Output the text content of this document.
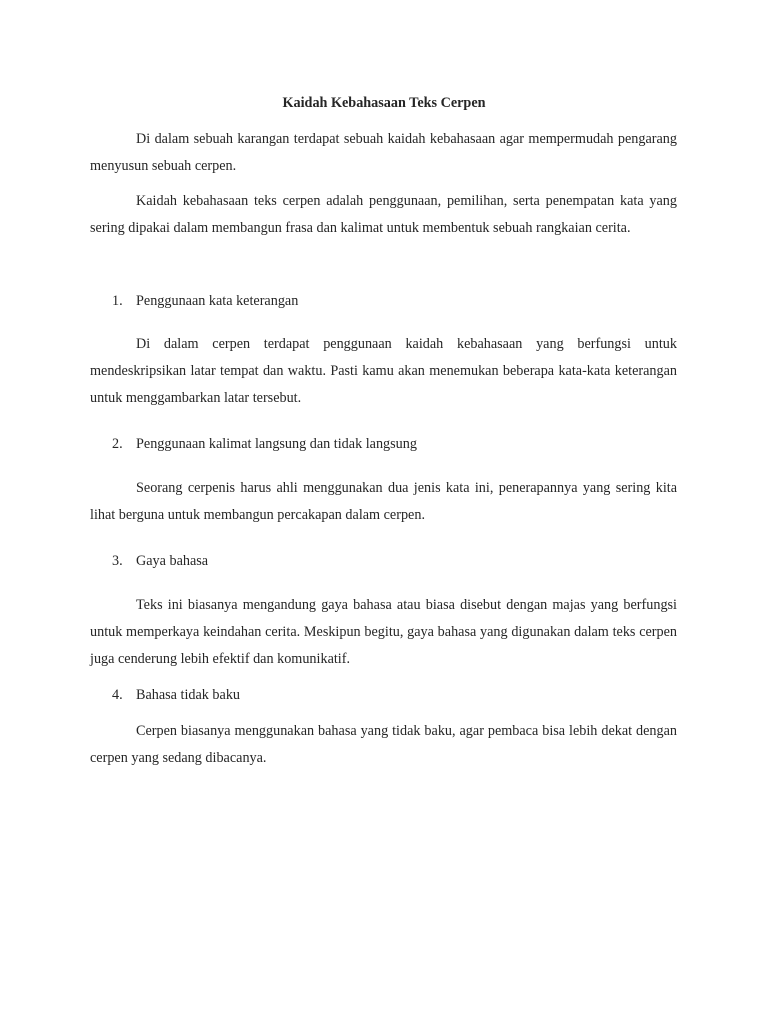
Kaidah Kebahasaan Teks Cerpen

Di dalam sebuah karangan terdapat sebuah kaidah kebahasaan agar mempermudah pengarang menyusun sebuah cerpen.

Kaidah kebahasaan teks cerpen adalah penggunaan, pemilihan, serta penempatan kata yang sering dipakai dalam membangun frasa dan kalimat untuk membentuk sebuah rangkaian cerita.

1. Penggunaan kata keterangan

Di dalam cerpen terdapat penggunaan kaidah kebahasaan yang berfungsi untuk mendeskripsikan latar tempat dan waktu. Pasti kamu akan menemukan beberapa kata-kata keterangan untuk menggambarkan latar tersebut.

2. Penggunaan kalimat langsung dan tidak langsung

Seorang cerpenis harus ahli menggunakan dua jenis kata ini, penerapannya yang sering kita lihat berguna untuk membangun percakapan dalam cerpen.

3. Gaya bahasa

Teks ini biasanya mengandung gaya bahasa atau biasa disebut dengan majas yang berfungsi untuk memperkaya keindahan cerita. Meskipun begitu, gaya bahasa yang digunakan dalam teks cerpen juga cenderung lebih efektif dan komunikatif.

4. Bahasa tidak baku

Cerpen biasanya menggunakan bahasa yang tidak baku, agar pembaca bisa lebih dekat dengan cerpen yang sedang dibacanya.
